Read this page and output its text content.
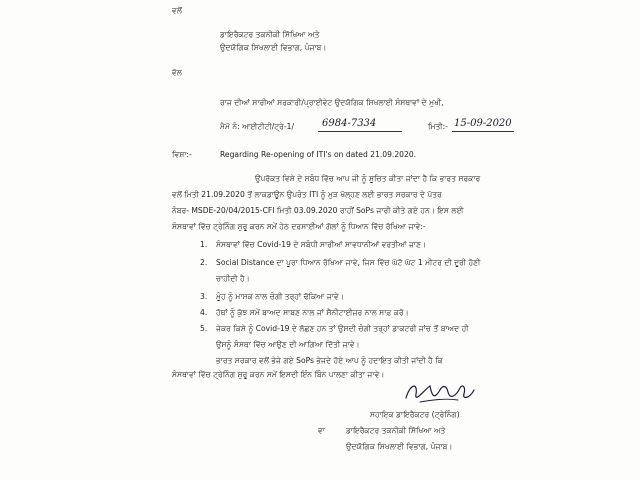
ਵਲੋਂ
ਡਾਇਰੈਕਟਰ ਤਕਨੀਕੀ ਸਿੱਖਿਆ ਅਤੇ
ਉਦਯੋਗਿਕ ਸਿਖਲਾਈ ਵਿਭਾਗ, ਪੰਜਾਬ।
ਵੱਲ
ਰਾਜ ਦੀਆਂ ਸਾਰੀਆਂ ਸਰਕਾਰੀ/ਪ੍ਰਾਈਵੇਟ ਉਦਯੋਗਿਕ ਸਿਖਲਾਈ ਸੰਸਥਾਵਾਂ ਦੇ ਮੁਖੀ,
ਮੈਮੋ ਨੰ: ਆਈਟੀਟੀ/ਟ੍ਰੇ-1/	6984-7334	ਮਿਤੀ:- 15-09-2020
ਵਿਸ਼ਾ:-	Regarding Re-opening of ITI's on dated 21.09.2020.
ਉਪਰੋਕਤ ਵਿਸ਼ੇ ਦੇ ਸਬੰਧ ਵਿੱਚ ਆਪ ਜੀ ਨੂੰ ਸੂਚਿਤ ਕੀਤਾ ਜਾਂਦਾ ਹੈ ਕਿ ਭਾਰਤ ਸਰਕਾਰ
ਵਲੋਂ ਮਿਤੀ 21.09.2020 ਤੋਂ ਲਾਕਡਾਊਨ ਉਪਰੰਤ ITI ਨੂੰ ਮੁੜ ਖੋਲ੍ਹਣ ਲਈ ਭਾਰਤ ਸਰਕਾਰ ਦੇ ਪੱਤਰ
ਨੰਬਰ- MSDE-20/04/2015-CFI ਮਿਤੀ 03.09.2020 ਰਾਹੀਂ SoPs ਜਾਰੀ ਕੀਤੇ ਗਏ ਹਨ। ਇਸ ਲਈ
ਸੰਸਥਾਵਾਂ ਵਿੱਚ ਟ੍ਰੇਨਿੰਗ ਸ਼ੁਰੂ ਕਰਨ ਸਮੇਂ ਹੇਠ ਦਰਸਾਈਆਂ ਗੱਲਾਂ ਨੂੰ ਧਿਆਨ ਵਿੱਚ ਰੱਖਿਆ ਜਾਵੇ:-
1. ਸੰਸਥਾਵਾਂ ਵਿੱਚ Covid-19 ਦੇ ਸਬੰਧੀ ਸਾਰੀਆਂ ਸਾਵਧਾਨੀਆਂ ਵਰਤੀਆਂ ਜਾਣ।
2. Social Distance ਦਾ ਪੂਰਾ ਧਿਆਨ ਰੱਖਿਆ ਜਾਵੇ, ਜਿਸ ਵਿੱਚ ਘੱਟੋ ਘੱਟ 1 ਮੀਟਰ ਦੀ ਦੂਰੀ ਹੋਣੀ
ਚਾਹੀਦੀ ਹੈ।
3. ਮੂੰਹ ਨੂੰ ਮਾਸਕ ਨਾਲ ਚੰਗੀ ਤਰ੍ਹਾਂ ਢੱਕਿਆ ਜਾਵੇ।
4. ਹੱਥਾਂ ਨੂੰ ਕੁੱਝ ਸਮੇਂ ਬਾਅਦ ਸਾਬਣ ਨਾਲ ਜਾਂ ਸੈਨੀਟਾਈਜ਼ਰ ਨਾਲ ਸਾਫ਼ ਕਰੋ।
5. ਜੇਕਰ ਕਿਸੇ ਨੂੰ Covid-19 ਦੇ ਲੱਛਣ ਹਨ ਤਾਂ ਉਸਦੀ ਚੰਗੀ ਤਰ੍ਹਾਂ ਡਾਕਟਰੀ ਜਾਂਚ ਤੋਂ ਬਾਅਦ ਹੀ
ਉਸਨੂੰ ਸੰਸਥਾ ਵਿੱਚ ਆਉਣ ਦੀ ਆਗਿਆ ਦਿੱਤੀ ਜਾਵੇ।
ਭਾਰਤ ਸਰਕਾਰ ਵਲੋਂ ਭੇਜੇ ਗਏ SoPs ਭੇਜਦੇ ਹੋਏ ਆਪ ਨੂੰ ਹਦਾਇਤ ਕੀਤੀ ਜਾਂਦੀ ਹੈ ਕਿ
ਸੰਸਥਾਵਾਂ ਵਿੱਚ ਟ੍ਰੇਨਿੰਗ ਸ਼ੁਰੂ ਕਰਨ ਸਮੇਂ ਇਸਦੀ ਇੰਨ ਬਿੰਨ ਪਾਲਣਾ ਕੀਤਾ ਜਾਵੇ।
ਸਹਾਇਕ ਡਾਇਰੈਕਟਰ (ਟ੍ਰੇਨਿੰਗ)
ਵਾ	ਡਾਇਰੈਕਟਰ ਤਕਨੀਕੀ ਸਿੱਖਿਆ ਅਤੇ
ਉਦਯੋਗਿਕ ਸਿਖਲਾਈ ਵਿਭਾਗ, ਪੰਜਾਬ।
